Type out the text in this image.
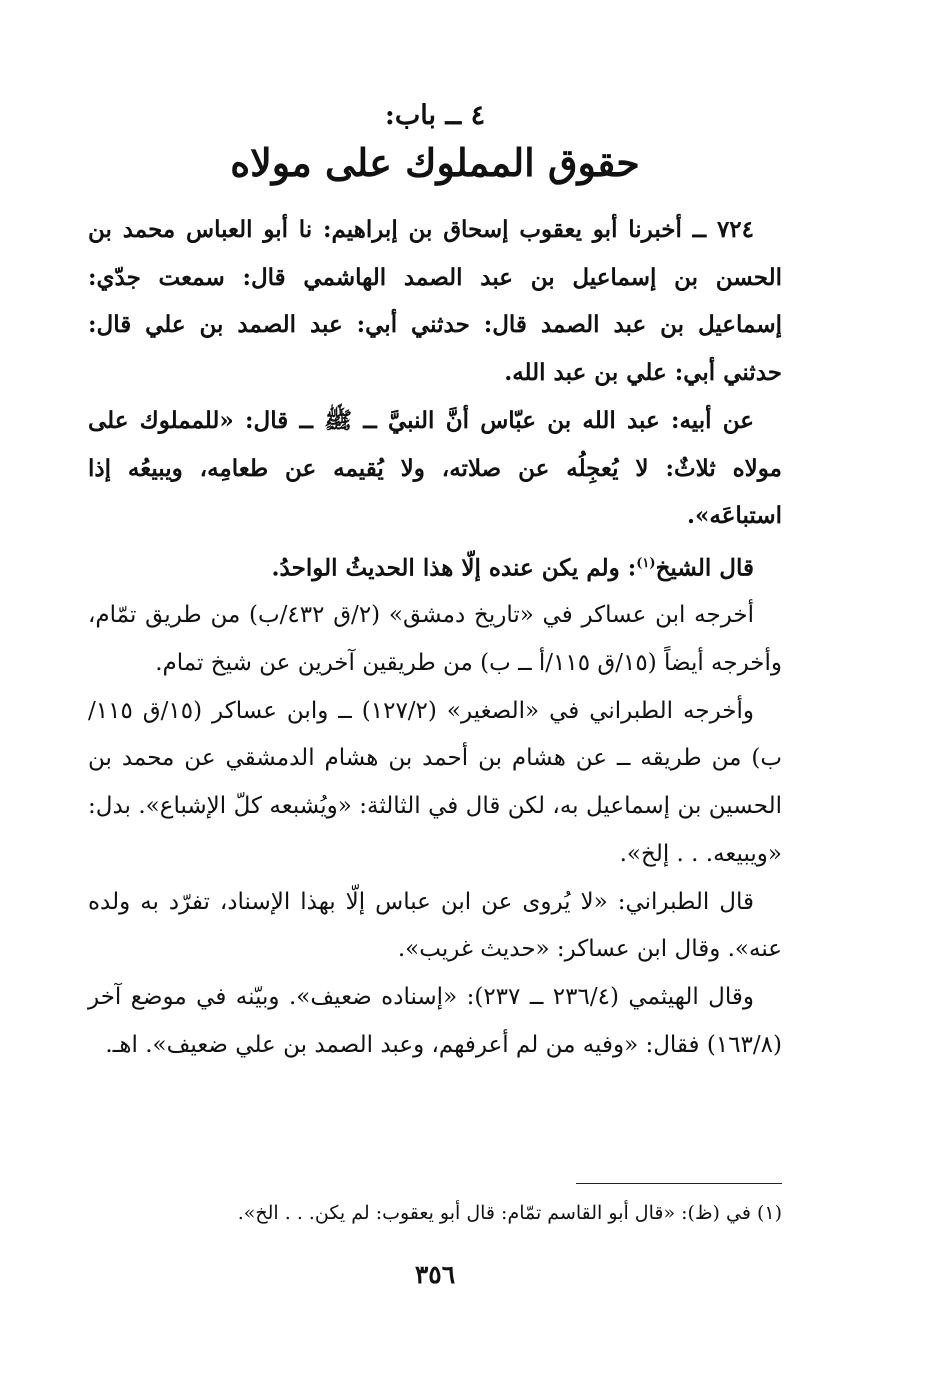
٤ ــ باب:
حقوق المملوك على مولاه

٧٢٤ ــ أخبرنا أبو يعقوب إسحاق بن إبراهيم: نا أبو العباس محمد بن الحسن بن إسماعيل بن عبد الصمد الهاشمي قال: سمعت جدّي: إسماعيل بن عبد الصمد قال: حدثني أبي: عبد الصمد بن علي قال: حدثني أبي: علي بن عبد الله.

عن أبيه: عبد الله بن عبّاس أنَّ النبيَّ ــ ﷺ ــ قال: «للمملوك على مولاه ثلاثٌ: لا يُعجِلُه عن صلاته، ولا يُقيمه عن طعامِه، ويبيعُه إذا استباعَه».

قال الشيخ$^{(١)}$: ولم يكن عنده إلّا هذا الحديثُ الواحدُ.

أخرجه ابن عساكر في «تاريخ دمشق» (٢/ق ٤٣٢/ب) من طريق تمّام، وأخرجه أيضاً (١٥/ق ١١٥/أ ــ ب) من طريقين آخرين عن شيخ تمام.

وأخرجه الطبراني في «الصغير» (١٢٧/٢) ــ وابن عساكر (١٥/ق ١١٥/ب) من طريقه ــ عن هشام بن أحمد بن هشام الدمشقي عن محمد بن الحسين بن إسماعيل به، لكن قال في الثالثة: «ويُشبعه كلّ الإشباع». بدل: «ويبيعه. . . إلخ».

قال الطبراني: «لا يُروى عن ابن عباس إلّا بهذا الإسناد، تفرّد به ولده عنه». وقال ابن عساكر: «حديث غريب».

وقال الهيثمي (٢٣٦/٤ ــ ٢٣٧): «إسناده ضعيف». وبيّنه في موضع آخر (١٦٣/٨) فقال: «وفيه من لم أعرفهم، وعبد الصمد بن علي ضعيف». اهـ.

(١) في (ظ): «قال أبو القاسم تمّام: قال أبو يعقوب: لم يكن. . . الخ».
٣٥٦
